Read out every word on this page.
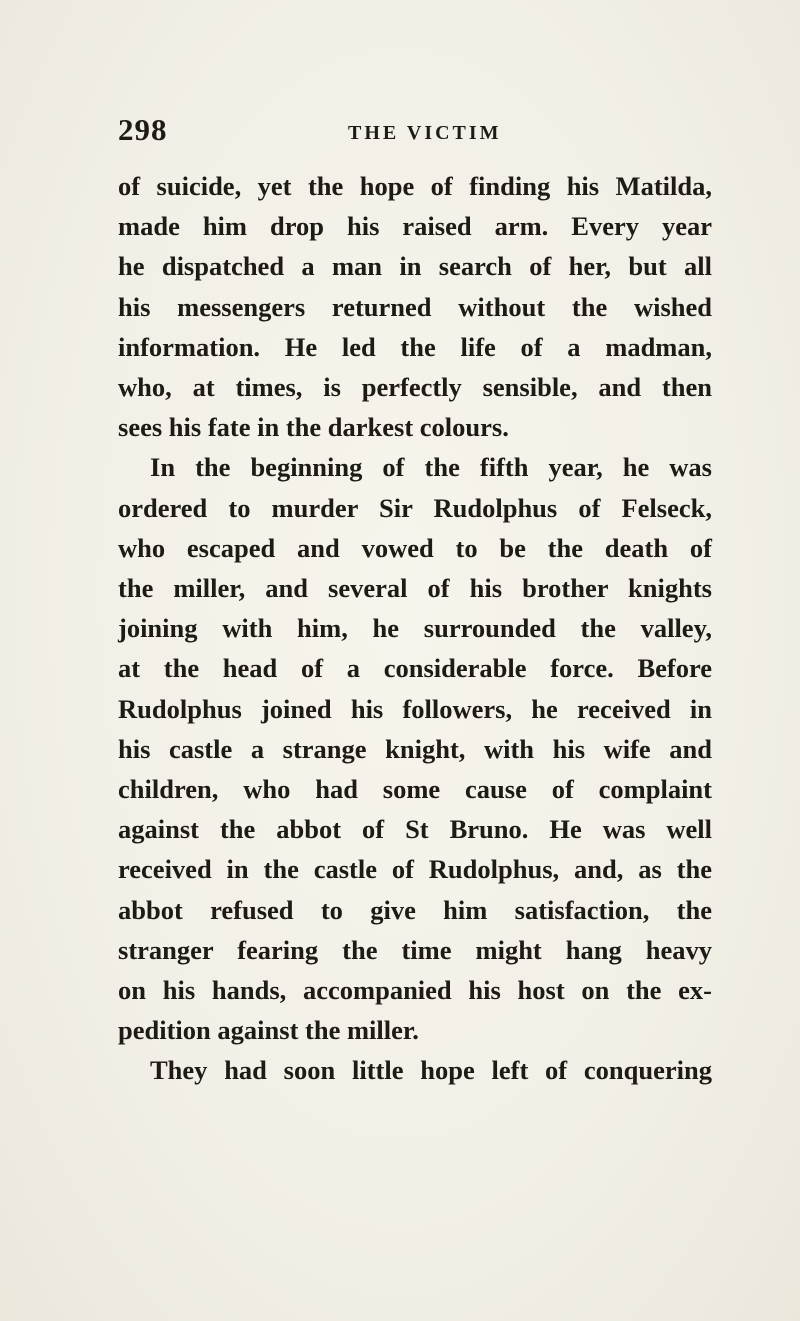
298	THE VICTIM
of suicide, yet the hope of finding his Matilda,
made him drop his raised arm. Every year
he dispatched a man in search of her, but all
his messengers returned without the wished
information. He led the life of a madman,
who, at times, is perfectly sensible, and then
sees his fate in the darkest colours.
In the beginning of the fifth year, he was
ordered to murder Sir Rudolphus of Felseck,
who escaped and vowed to be the death of
the miller, and several of his brother knights
joining with him, he surrounded the valley,
at the head of a considerable force. Before
Rudolphus joined his followers, he received in
his castle a strange knight, with his wife and
children, who had some cause of complaint
against the abbot of St Bruno. He was well
received in the castle of Rudolphus, and, as the
abbot refused to give him satisfaction, the
stranger fearing the time might hang heavy
on his hands, accompanied his host on the ex-
pedition against the miller.
They had soon little hope left of conquering
